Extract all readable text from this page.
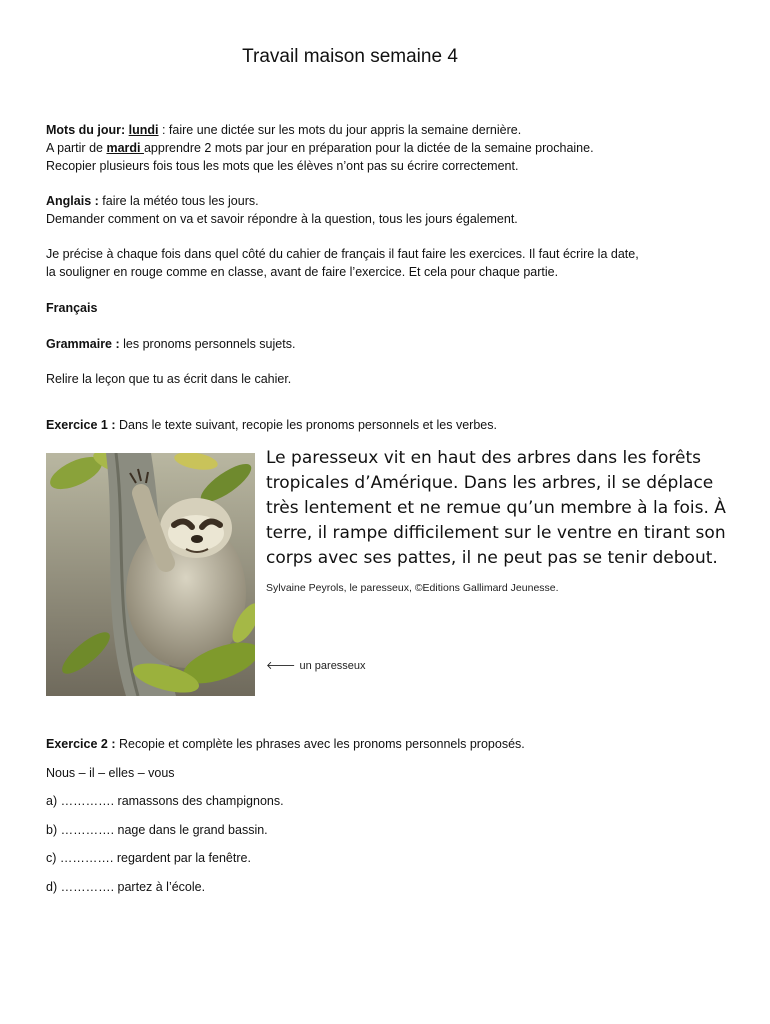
Travail maison semaine 4

Mots du jour: lundi : faire une dictée sur les mots du jour appris la semaine dernière.

A partir de mardi apprendre 2 mots par jour en préparation pour la dictée de la semaine prochaine.

Recopier plusieurs fois tous les mots que les élèves n’ont pas su écrire correctement.

Anglais : faire la météo tous les jours.

Demander comment on va et savoir répondre à la question, tous les jours également.

Je précise à chaque fois dans quel côté du cahier de français il faut faire les exercices. Il faut écrire la date,

la souligner en rouge comme en classe, avant de faire l’exercice. Et cela pour chaque partie.

Français

Grammaire : les pronoms personnels sujets.

Relire la leçon que tu as écrit dans le cahier.

Exercice 1 : Dans le texte suivant, recopie les pronoms personnels et les verbes.

Le paresseux vit en haut des arbres dans les forêts

tropicales d’Amérique. Dans les arbres, il se déplace

très lentement et ne remue qu’un membre à la fois. À

terre, il rampe difficilement sur le ventre en tirant son

corps avec ses pattes, il ne peut pas se tenir debout.

Sylvaine Peyrols, le paresseux, ©Editions Gallimard Jeunesse.
🡐 un paresseux

Exercice 2 : Recopie et complète les phrases avec les pronoms personnels proposés.

Nous – il – elles – vous

a) …………. ramassons des champignons.

b) …………. nage dans le grand bassin.

c) …………. regardent par la fenêtre.

d) …………. partez à l’école.
